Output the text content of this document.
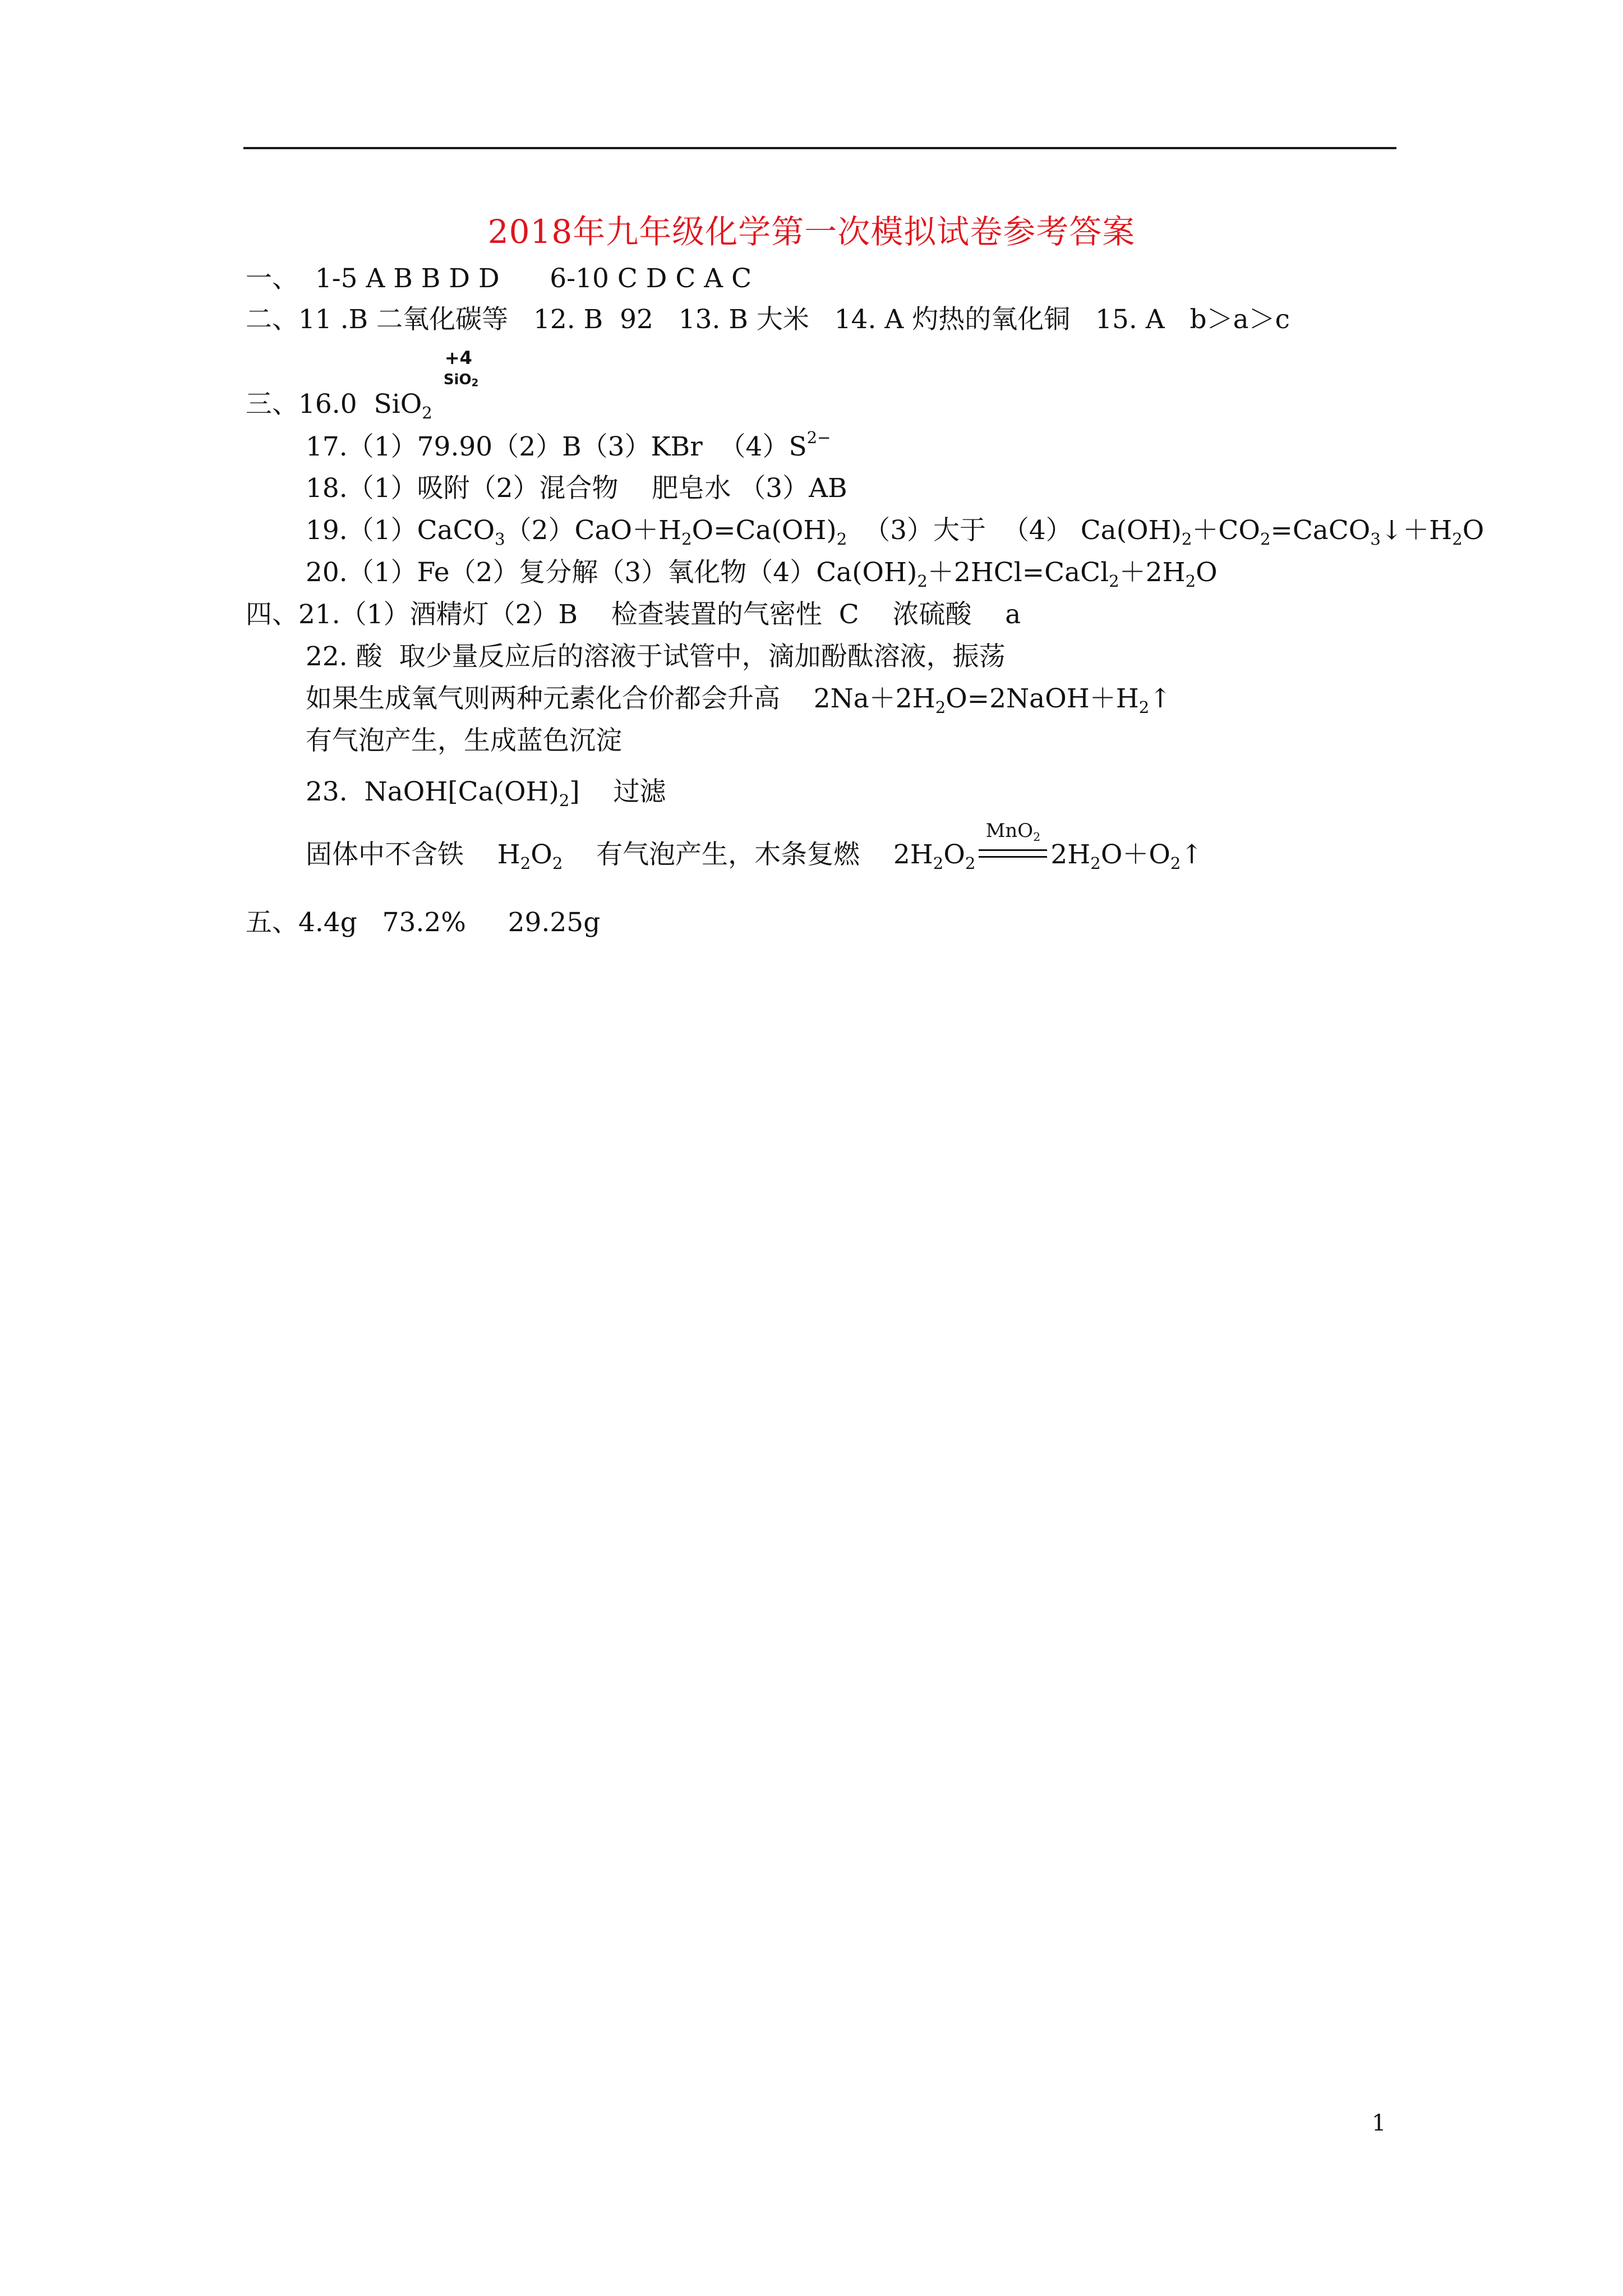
2018年九年级化学第一次模拟试卷参考答案
一、  1-5 A B B D D      6-10 C D C A C
二、11 .B 二氧化碳等   12. B  92   13. B 大米   14. A 灼热的氧化铜   15. A   b＞a＞c
三、16.0  SiO$_2$
+4
SiO$_2$
17.（1）79.90（2）B（3）KBr  $(4)S^{2-}$
18.（1）吸附（2）混合物    肥皂水 （3）AB
$19.(1)CaCO_3(2)CaO+H_2O=Ca(OH)_2$  （3）大于  （4） $Ca(OH)_2+CO_2=CaCO_3↓+H_2O$
20.（1）Fe（2）复分解（3）氧化物$(4)Ca(OH)_2+2HCl=CaCl_2+2H_2O$
四、21.（1）酒精灯（2）B    检查装置的气密性  C    浓硫酸    a
22. 酸  取少量反应后的溶液于试管中，滴加酚酞溶液，振荡
如果生成氧气则两种元素化合价都会升高    $2Na+2H_2O=2NaOH+H_2↑$
有气泡产生，生成蓝色沉淀
23.  $NaOH[Ca(OH)_2]$    过滤
固体中不含铁    $H_2O_2$    有气泡产生，木条复燃    $2H_2O_2$
MnO$_2$
$2H_2O+O_2↑$
五、4.4g   73.2%     29.25g
1
